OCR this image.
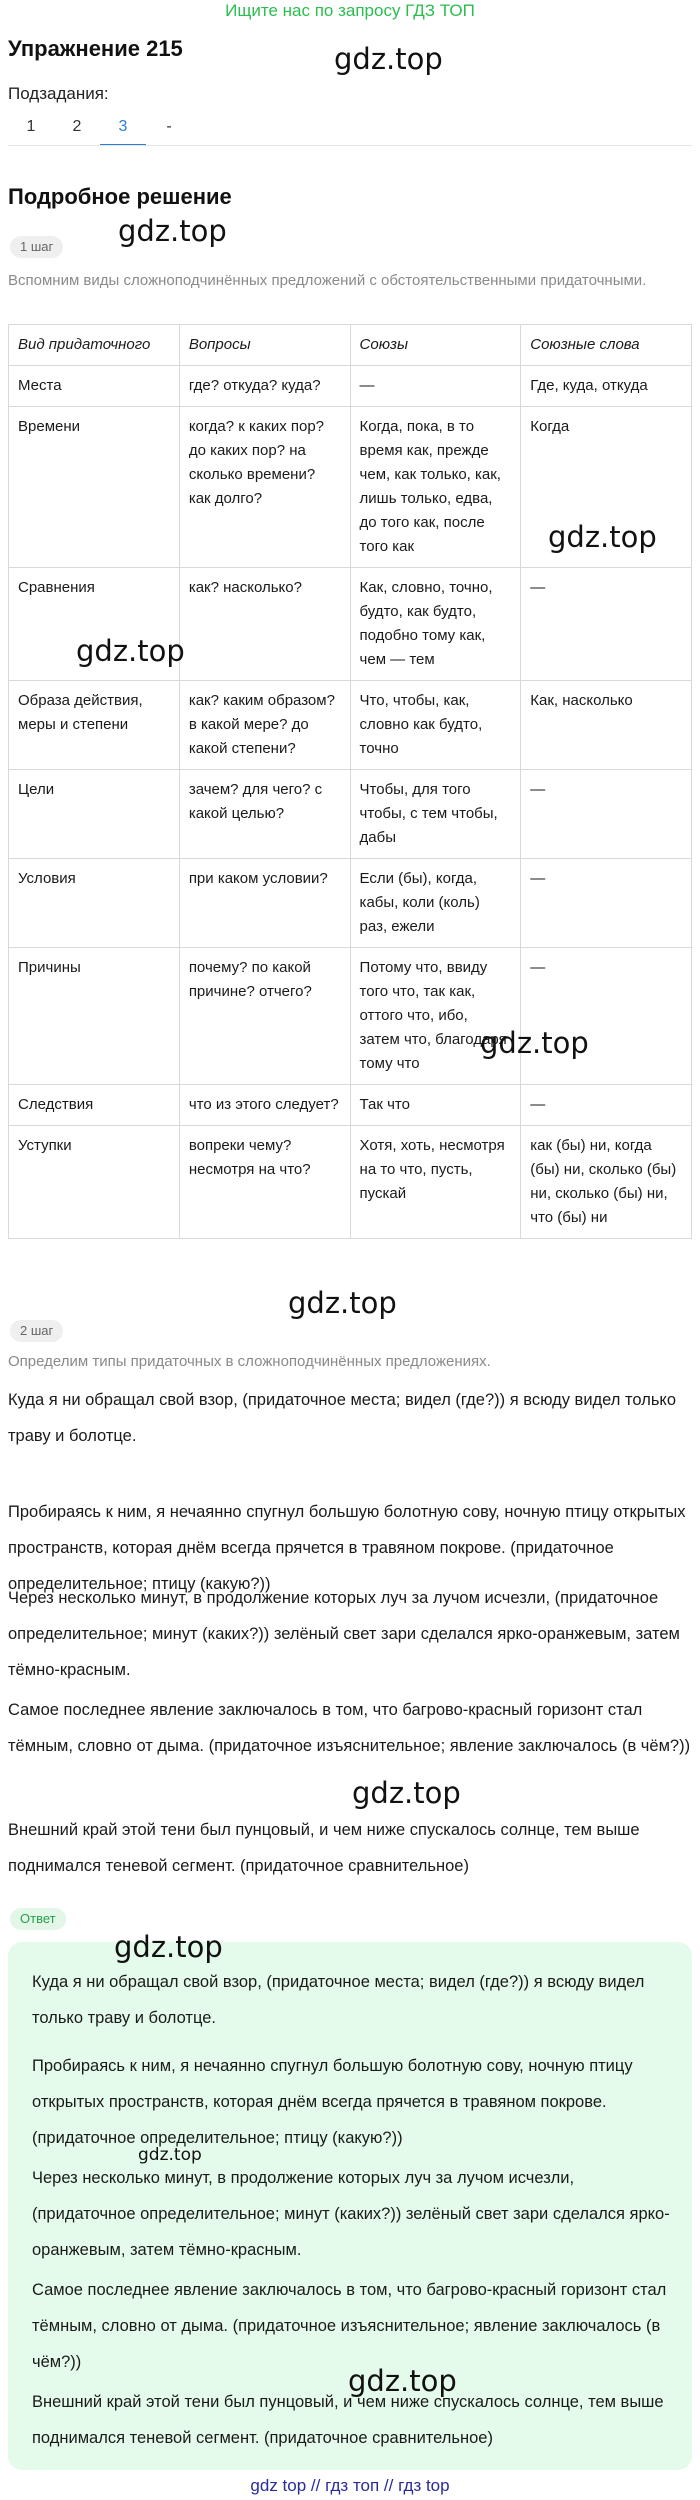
Ищите нас по запросу ГДЗ ТОП
Упражнение 215
Подзадания:
1	2	3	-
Подробное решение
1 шаг
Вспомним виды сложноподчинённых предложений с обстоятельственными придаточными.
Вид придаточного	Вопросы	Союзы	Союзные слова
Места	где? откуда? куда?	—	Где, куда, откуда
Времени	когда? к каких пор? до каких пор? на сколько времени? как долго?	Когда, пока, в то время как, прежде чем, как только, как, лишь только, едва, до того как, после того как	Когда
Сравнения	как? насколько?	Как, словно, точно, будто, как будто, подобно тому как, чем — тем	—
Образа действия, меры и степени	как? каким образом? в какой мере? до какой степени?	Что, чтобы, как, словно как будто, точно	Как, насколько
Цели	зачем? для чего? с какой целью?	Чтобы, для того чтобы, с тем чтобы, дабы	—
Условия	при каком условии?	Если (бы), когда, кабы, коли (коль) раз, ежели	—
Причины	почему? по какой причине? отчего?	Потому что, ввиду того что, так как, оттого что, ибо, затем что, благодаря тому что	—
Следствия	что из этого следует?	Так что	—
Уступки	вопреки чему? несмотря на что?	Хотя, хоть, несмотря на то что, пусть, пускай	как (бы) ни, когда (бы) ни, сколько (бы) ни, сколько (бы) ни, что (бы) ни
2 шаг
Определим типы придаточных в сложноподчинённых предложениях.
Куда я ни обращал свой взор, (придаточное места; видел (где?)) я всюду видел только траву и болотце.
Пробираясь к ним, я нечаянно спугнул большую болотную сову, ночную птицу открытых пространств, которая днём всегда прячется в травяном покрове. (придаточное определительное; птицу (какую?))
Через несколько минут, в продолжение которых луч за лучом исчезли, (придаточное определительное; минут (каких?)) зелёный свет зари сделался ярко-оранжевым, затем тёмно-красным.
Самое последнее явление заключалось в том, что багрово-красный горизонт стал тёмным, словно от дыма. (придаточное изъяснительное; явление заключалось (в чём?))
Внешний край этой тени был пунцовый, и чем ниже спускалось солнце, тем выше поднимался теневой сегмент. (придаточное сравнительное)
Ответ
Куда я ни обращал свой взор, (придаточное места; видел (где?)) я всюду видел только траву и болотце.
Пробираясь к ним, я нечаянно спугнул большую болотную сову, ночную птицу открытых пространств, которая днём всегда прячется в травяном покрове. (придаточное определительное; птицу (какую?))
Через несколько минут, в продолжение которых луч за лучом исчезли, (придаточное определительное; минут (каких?)) зелёный свет зари сделался ярко-оранжевым, затем тёмно-красным.
Самое последнее явление заключалось в том, что багрово-красный горизонт стал тёмным, словно от дыма. (придаточное изъяснительное; явление заключалось (в чём?))
Внешний край этой тени был пунцовый, и чем ниже спускалось солнце, тем выше поднимался теневой сегмент. (придаточное сравнительное)
gdz.top
gdz.top
gdz.top
gdz.top
gdz.top
gdz.top
gdz.top
gdz.top
gdz.top
gdz.top
gdz top // гдз топ // гдз top
